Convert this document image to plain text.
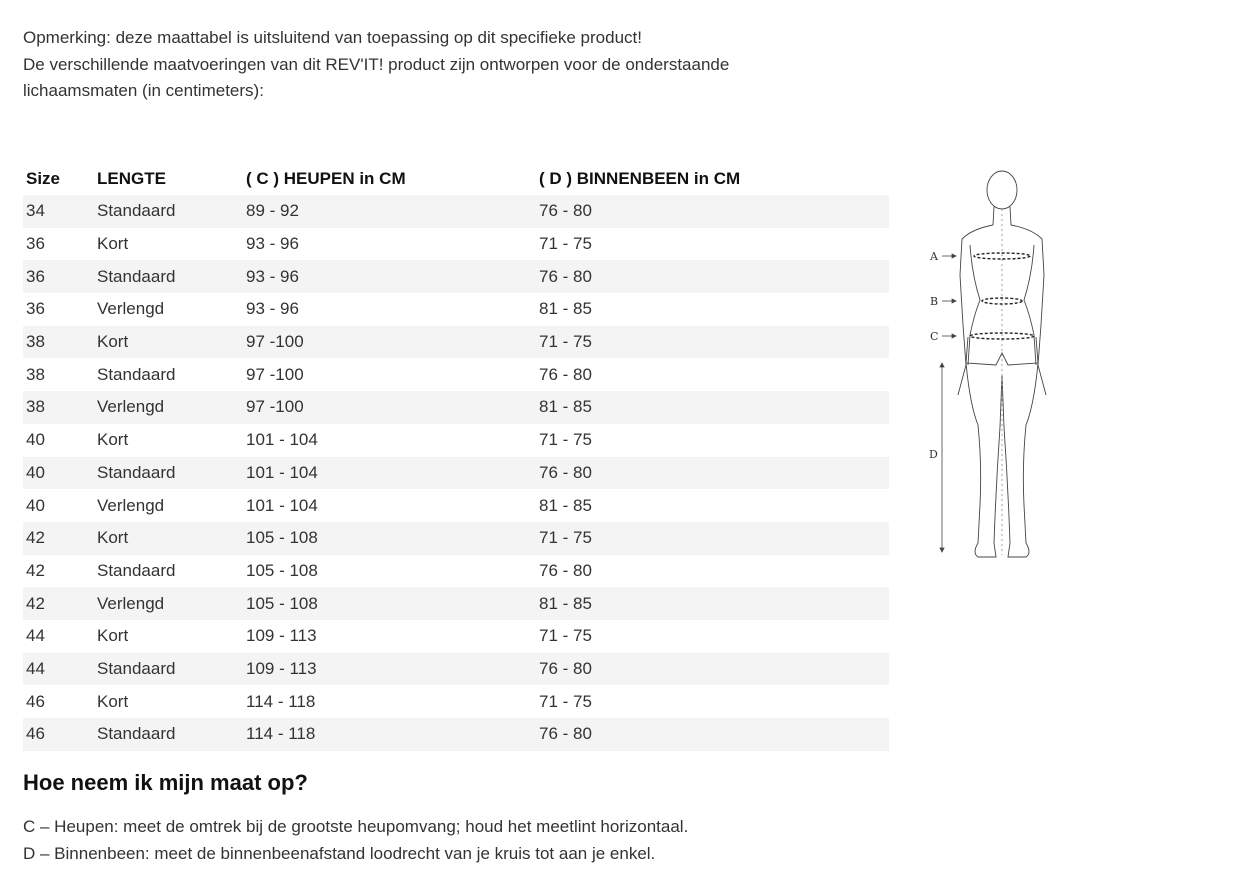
Opmerking: deze maattabel is uitsluitend van toepassing op dit specifieke product!

De verschillende maatvoeringen van dit REV'IT! product zijn ontworpen voor de onderstaande

lichaamsmaten (in centimeters):

Size	LENGTE	( C ) HEUPEN in CM	( D ) BINNENBEEN in CM
34	Standaard	89 - 92	76 - 80
36	Kort	93 - 96	71 - 75
36	Standaard	93 - 96	76 - 80
36	Verlengd	93 - 96	81 - 85
38	Kort	97 -100	71 - 75
38	Standaard	97 -100	76 - 80
38	Verlengd	97 -100	81 - 85
40	Kort	101 - 104	71 - 75
40	Standaard	101 - 104	76 - 80
40	Verlengd	101 - 104	81 - 85
42	Kort	105 - 108	71 - 75
42	Standaard	105 - 108	76 - 80
42	Verlengd	105 - 108	81 - 85
44	Kort	109 - 113	71 - 75
44	Standaard	109 - 113	76 - 80
46	Kort	114 - 118	71 - 75
46	Standaard	114 - 118	76 - 80
A
B
C
D
Hoe neem ik mijn maat op?

C – Heupen: meet de omtrek bij de grootste heupomvang; houd het meetlint horizontaal.

D – Binnenbeen: meet de binnenbeenafstand loodrecht van je kruis tot aan je enkel.
